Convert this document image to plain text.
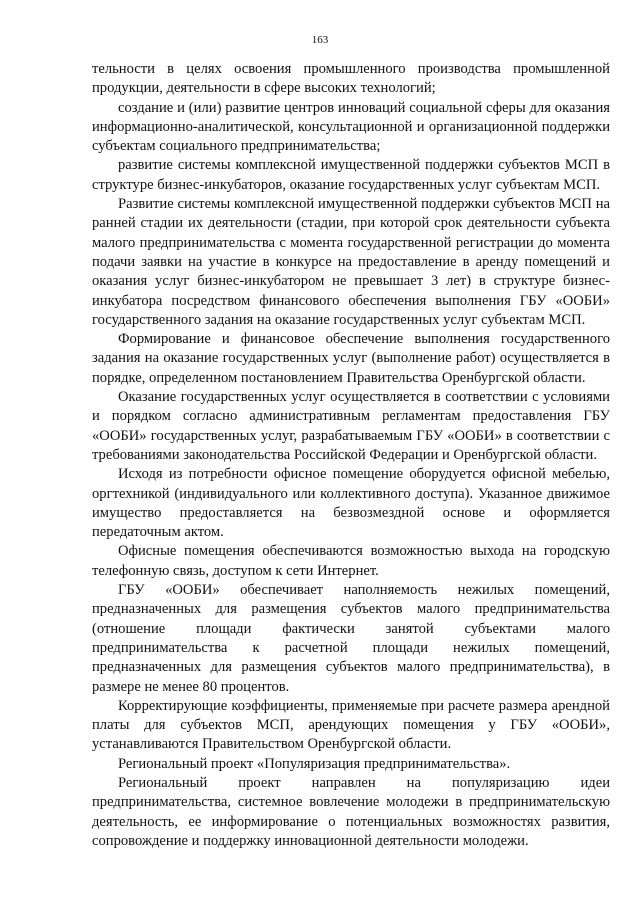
163

тельности в целях освоения промышленного производства промышленной продукции, деятельности в сфере высоких технологий;

создание и (или) развитие центров инноваций социальной сферы для оказания информационно-аналитической, консультационной и организационной поддержки субъектам социального предпринимательства;

развитие системы комплексной имущественной поддержки субъектов МСП в структуре бизнес-инкубаторов, оказание государственных услуг субъектам МСП.

Развитие системы комплексной имущественной поддержки субъектов МСП на ранней стадии их деятельности (стадии, при которой срок деятельности субъекта малого предпринимательства с момента государственной регистрации до момента подачи заявки на участие в конкурсе на предоставление в аренду помещений и оказания услуг бизнес-инкубатором не превышает 3 лет) в структуре бизнес-инкубатора посредством финансового обеспечения выполнения ГБУ «ООБИ» государственного задания на оказание государственных услуг субъектам МСП.

Формирование и финансовое обеспечение выполнения государственного задания на оказание государственных услуг (выполнение работ) осуществляется в порядке, определенном постановлением Правительства Оренбургской области.

Оказание государственных услуг осуществляется в соответствии с условиями и порядком согласно административным регламентам предоставления ГБУ «ООБИ» государственных услуг, разрабатываемым ГБУ «ООБИ» в соответствии с требованиями законодательства Российской Федерации и Оренбургской области.

Исходя из потребности офисное помещение оборудуется офисной мебелью, оргтехникой (индивидуального или коллективного доступа). Указанное движимое имущество предоставляется на безвозмездной основе и оформляется передаточным актом.

Офисные помещения обеспечиваются возможностью выхода на городскую телефонную связь, доступом к сети Интернет.

ГБУ «ООБИ» обеспечивает наполняемость нежилых помещений, предназначенных для размещения субъектов малого предпринимательства (отношение площади фактически занятой субъектами малого предпринимательства к расчетной площади нежилых помещений, предназначенных для размещения субъектов малого предпринимательства), в размере не менее 80 процентов.

Корректирующие коэффициенты, применяемые при расчете размера арендной платы для субъектов МСП, арендующих помещения у ГБУ «ООБИ», устанавливаются Правительством Оренбургской области.

Региональный проект «Популяризация предпринимательства».

Региональный проект направлен на популяризацию идеи предпринимательства, системное вовлечение молодежи в предпринимательскую деятельность, ее информирование о потенциальных возможностях развития, сопровождение и поддержку инновационной деятельности молодежи.
